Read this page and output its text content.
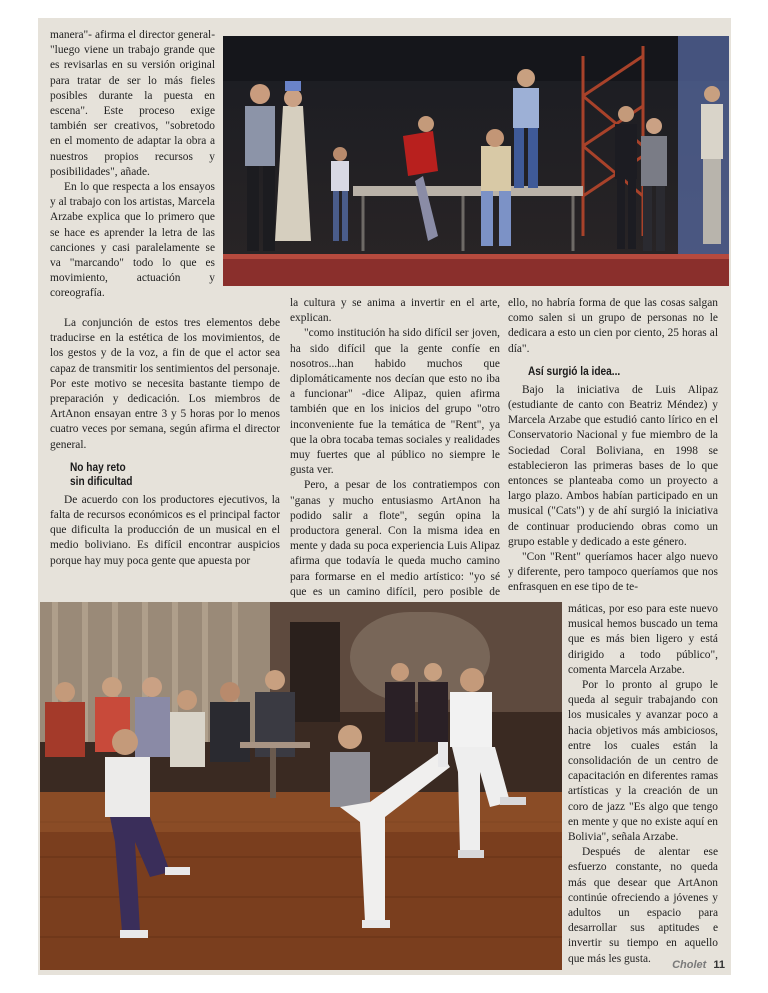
manera"- afirma el director general-"luego viene un trabajo grande que es revisarlas en su versión original para tratar de ser lo más fieles posibles durante la puesta en escena". Este proceso exige también ser creativos, "sobretodo en el momento de adaptar la obra a nuestros propios recursos y posibilidades", añade.

En lo que respecta a los ensayos y al trabajo con los artistas, Marcela Arzabe explica que lo primero que se hace es aprender la letra de las canciones y casi paralelamente se va "marcando" todo lo que es movimiento, actuación y coreografía.

La conjunción de estos tres elementos debe traducirse en la estética de los movimientos, de los gestos y de la voz, a fin de que el actor sea capaz de transmitir los sentimientos del personaje. Por este motivo se necesita bastante tiempo de preparación y dedicación. Los miembros de ArtAnon ensayan entre 3 y 5 horas por lo menos cuatro veces por semana, según afirma el director general.

No hay reto
sin dificultad

De acuerdo con los productores ejecutivos, la falta de recursos económicos es el principal factor que dificulta la producción de un musical en el medio boliviano. Es difícil encontrar auspicios porque hay muy poca gente que apuesta por

la cultura y se anima a invertir en el arte, explican.

"como institución ha sido difícil ser joven, ha sido difícil que la gente confíe en nosotros...han habido muchos que diplomáticamente nos decían que esto no iba a funcionar" -dice Alipaz, quien afirma también que en los inicios del grupo "otro inconveniente fue la temática de "Rent", ya que la obra tocaba temas sociales y realidades muy fuertes que al público no siempre le gusta ver.

Pero, a pesar de los contratiempos con "ganas y mucho entusiasmo ArtAnon ha podido salir a flote", según opina la productora general. Con la misma idea en mente y dada su poca experiencia Luis Alipaz afirma que todavía le queda mucho camino para formarse en el medio artístico: "yo sé que es un camino difícil, pero posible de

ello, no habría forma de que las cosas salgan como salen si un grupo de personas no le dedicara a esto un cien por ciento, 25 horas al día".

Así surgió la idea...

Bajo la iniciativa de Luis Alipaz (estudiante de canto con Beatriz Méndez) y Marcela Arzabe que estudió canto lírico en el Conservatorio Nacional y fue miembro de la Sociedad Coral Boliviana, en 1998 se establecieron las primeras bases de lo que entonces se planteaba como un proyecto a largo plazo. Ambos habían participado en un musical ("Cats") y de ahí surgió la iniciativa de continuar produciendo obras como un grupo estable y dedicado a este género.

"Con "Rent" queríamos hacer algo nuevo y diferente, pero tampoco queríamos que nos enfrasquen en ese tipo de te-

máticas, por eso para este nuevo musical hemos buscado un tema que es más bien ligero y está dirigido a todo público", comenta Marcela Arzabe.

Por lo pronto al grupo le queda al seguir trabajando con los musicales y avanzar poco a hacia objetivos más ambiciosos, entre los cuales están la consolidación de un centro de capacitación en diferentes ramas artísticas y la creación de un coro de jazz "Es algo que tengo en mente y que no existe aquí en Bolivia", señala Arzabe.

Después de alentar ese esfuerzo constante, no queda más que desear que ArtAnon continúe ofreciendo a jóvenes y adultos un espacio para desarrollar sus aptitudes e invertir su tiempo en aquello que más les gusta.

Cholet 11
